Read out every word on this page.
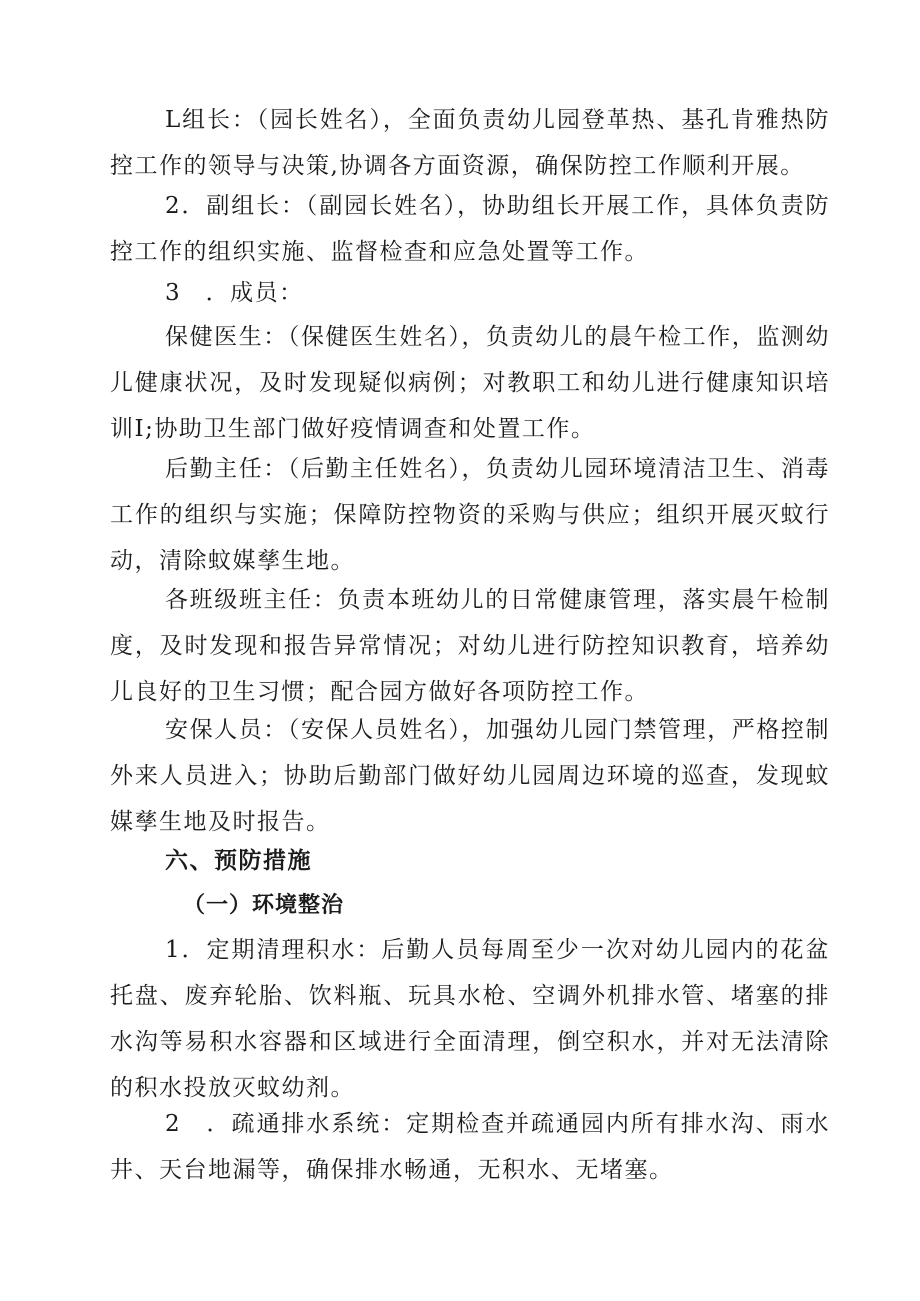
L组长：（园长姓名），全面负责幼儿园登革热、基孔肯雅热防控工作的领导与决策,协调各方面资源，确保防控工作顺利开展。

2．副组长：（副园长姓名），协助组长开展工作，具体负责防控工作的组织实施、监督检查和应急处置等工作。

3　．成员：

保健医生：（保健医生姓名），负责幼儿的晨午检工作，监测幼儿健康状况，及时发现疑似病例；对教职工和幼儿进行健康知识培训I;协助卫生部门做好疫情调查和处置工作。

后勤主任：（后勤主任姓名），负责幼儿园环境清洁卫生、消毒工作的组织与实施；保障防控物资的采购与供应；组织开展灭蚊行动，清除蚊媒孳生地。

各班级班主任：负责本班幼儿的日常健康管理，落实晨午检制度，及时发现和报告异常情况；对幼儿进行防控知识教育，培养幼儿良好的卫生习惯；配合园方做好各项防控工作。

安保人员：（安保人员姓名），加强幼儿园门禁管理，严格控制外来人员进入；协助后勤部门做好幼儿园周边环境的巡查，发现蚊媒孳生地及时报告。

六、预防措施
（一）环境整治

1．定期清理积水：后勤人员每周至少一次对幼儿园内的花盆托盘、废弃轮胎、饮料瓶、玩具水枪、空调外机排水管、堵塞的排水沟等易积水容器和区域进行全面清理，倒空积水，并对无法清除的积水投放灭蚊幼剂。

2　．疏通排水系统：定期检查并疏通园内所有排水沟、雨水井、天台地漏等，确保排水畅通，无积水、无堵塞。
